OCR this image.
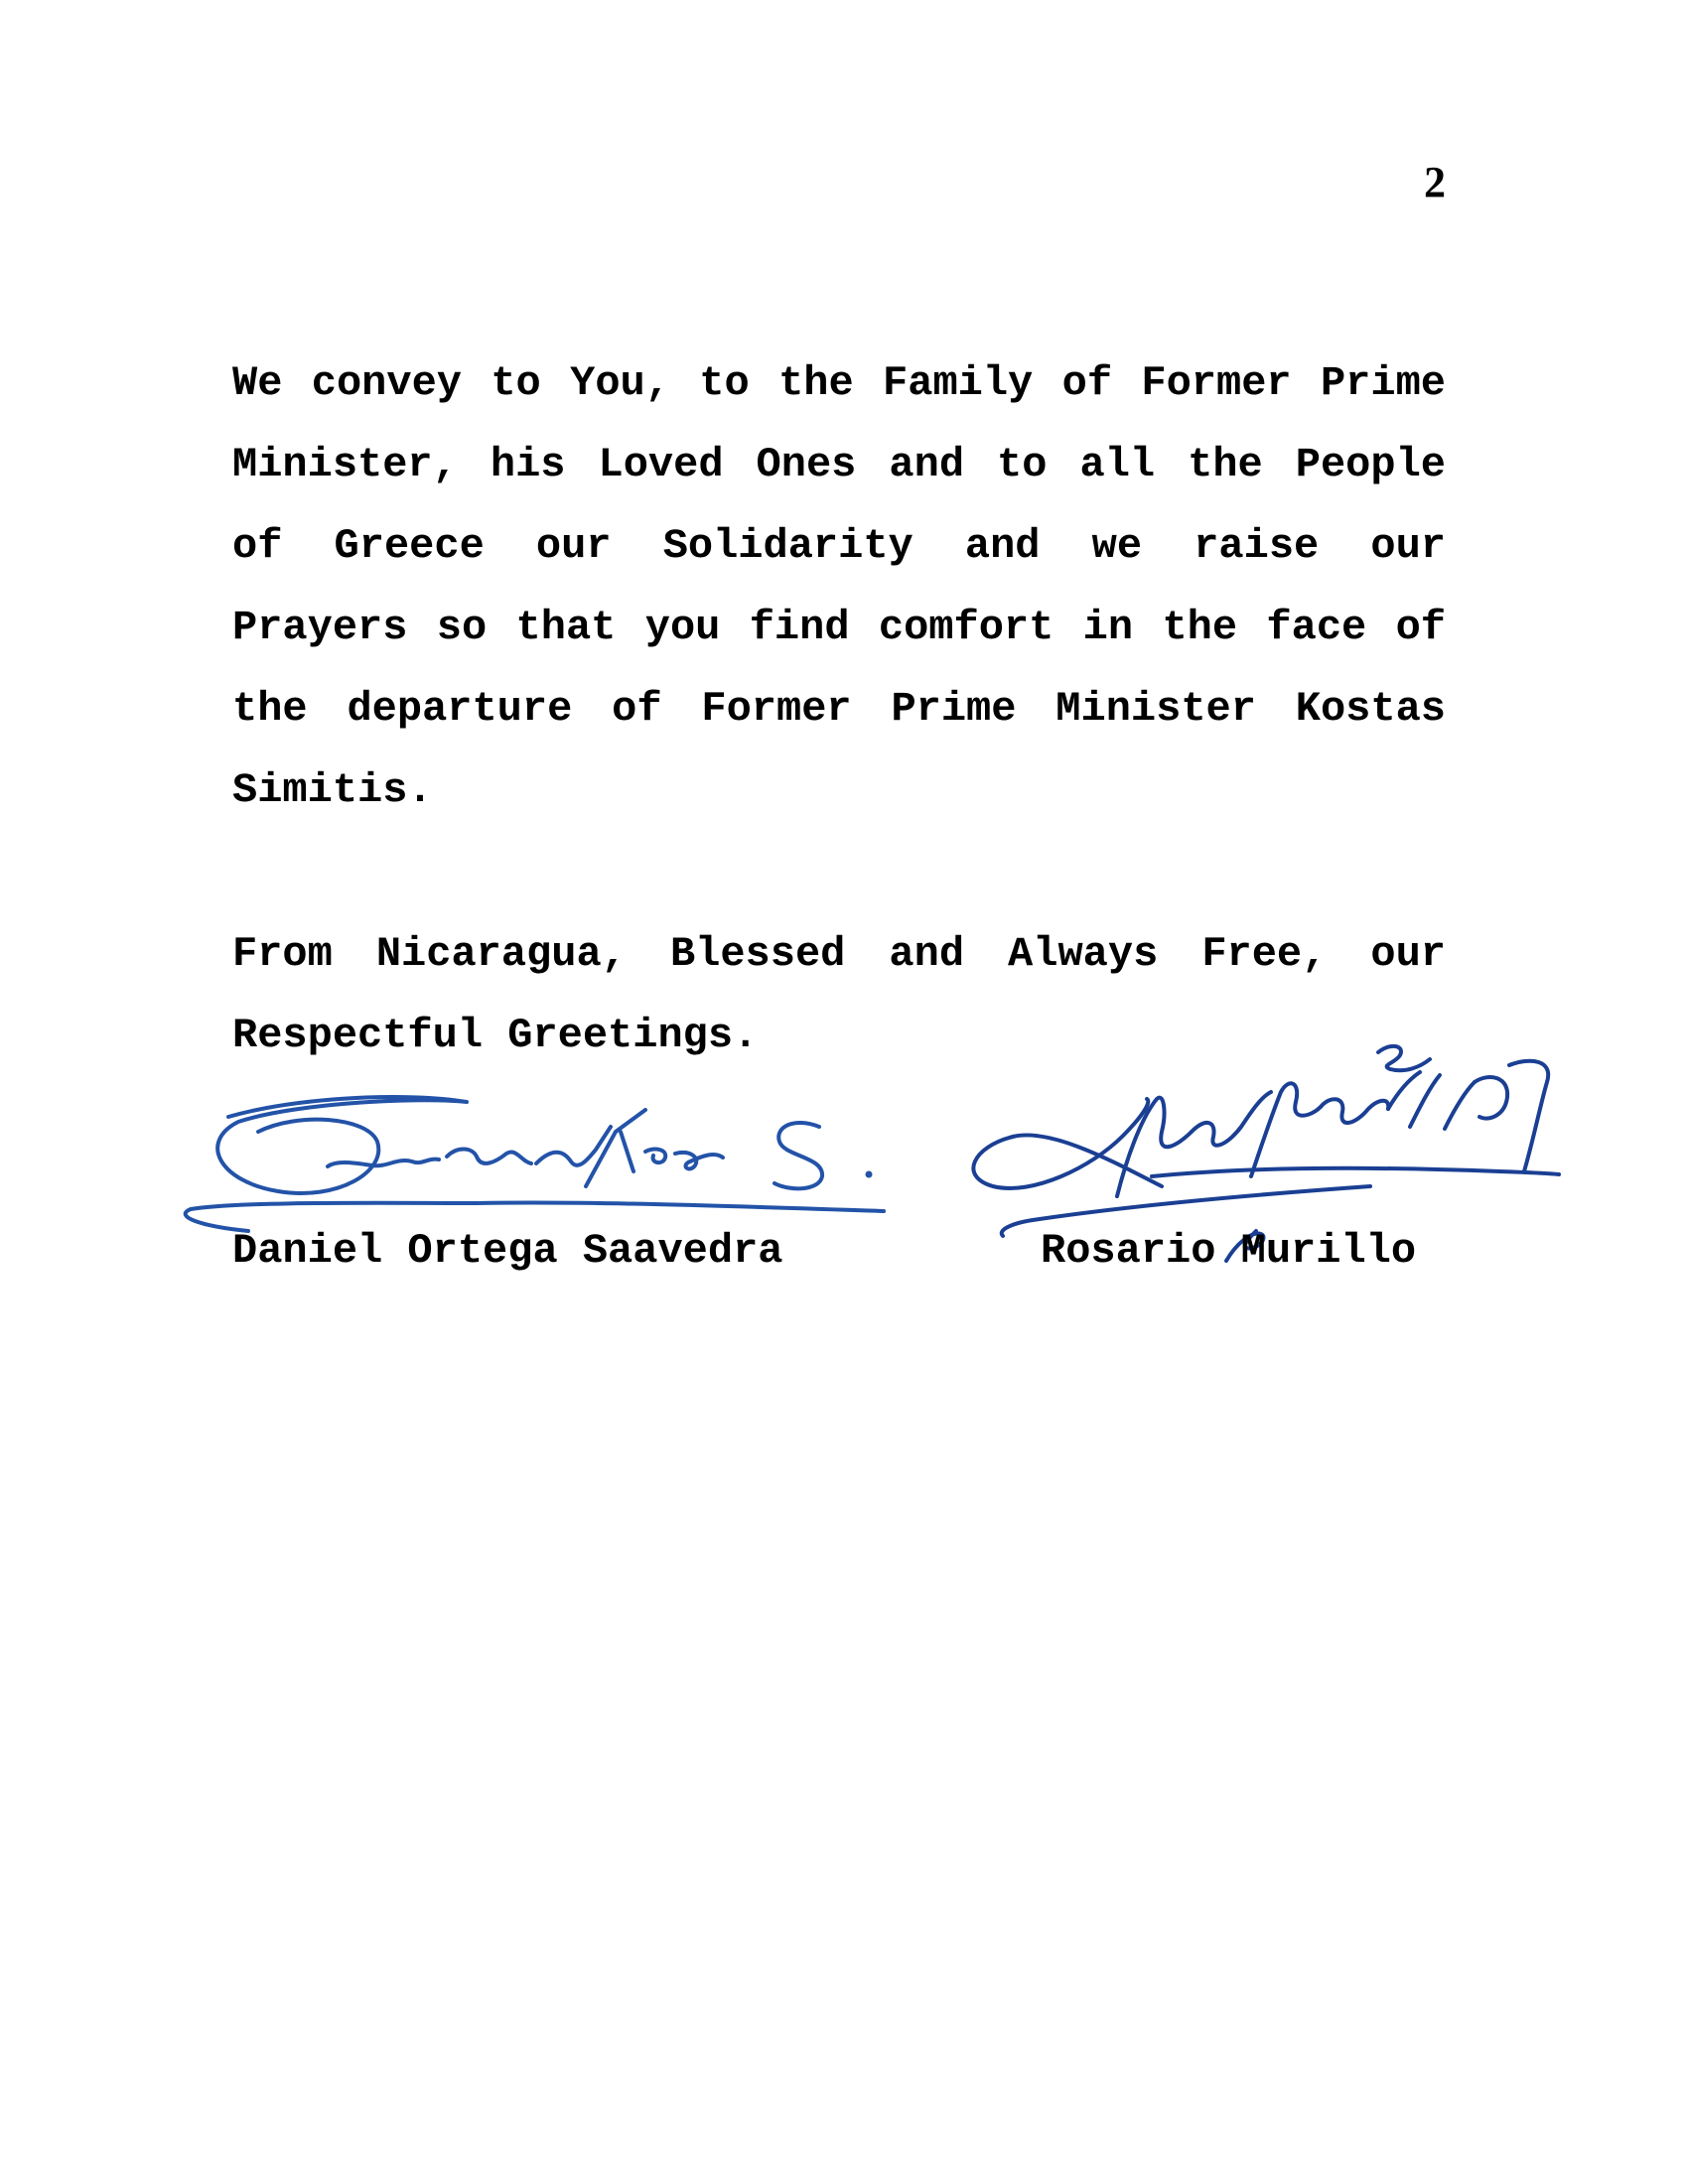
2

We convey to You, to the Family of Former Prime Minister, his Loved Ones and to all the People of Greece our Solidarity and we raise our Prayers so that you find comfort in the face of the departure of Former Prime Minister Kostas Simitis.

From Nicaragua, Blessed and Always Free, our Respectful Greetings.

Daniel Ortega Saavedra	Rosario Murillo
